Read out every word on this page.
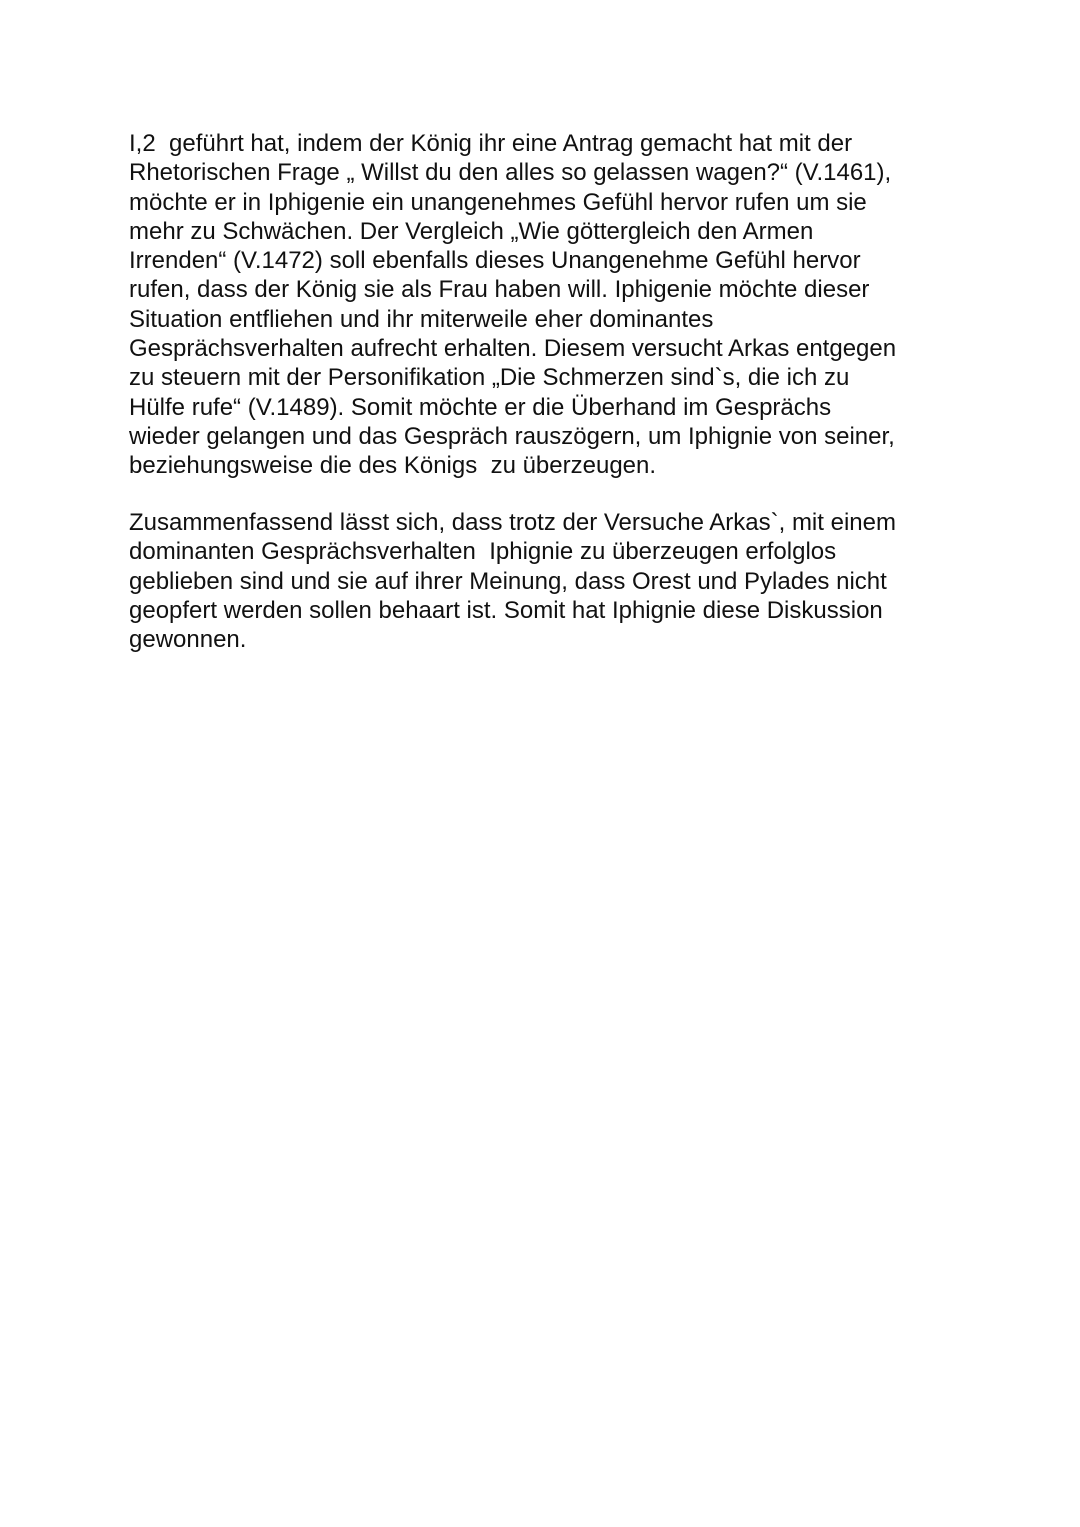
I,2  geführt hat, indem der König ihr eine Antrag gemacht hat mit der
Rhetorischen Frage „ Willst du den alles so gelassen wagen?“ (V.1461),
möchte er in Iphigenie ein unangenehmes Gefühl hervor rufen um sie
mehr zu Schwächen. Der Vergleich „Wie göttergleich den Armen
Irrenden“ (V.1472) soll ebenfalls dieses Unangenehme Gefühl hervor
rufen, dass der König sie als Frau haben will. Iphigenie möchte dieser
Situation entfliehen und ihr miterweile eher dominantes
Gesprächsverhalten aufrecht erhalten. Diesem versucht Arkas entgegen
zu steuern mit der Personifikation „Die Schmerzen sind`s, die ich zu
Hülfe rufe“ (V.1489). Somit möchte er die Überhand im Gesprächs
wieder gelangen und das Gespräch rauszögern, um Iphignie von seiner,
beziehungsweise die des Königs  zu überzeugen.
Zusammenfassend lässt sich, dass trotz der Versuche Arkas`, mit einem
dominanten Gesprächsverhalten  Iphignie zu überzeugen erfolglos
geblieben sind und sie auf ihrer Meinung, dass Orest und Pylades nicht
geopfert werden sollen behaart ist. Somit hat Iphignie diese Diskussion
gewonnen.
